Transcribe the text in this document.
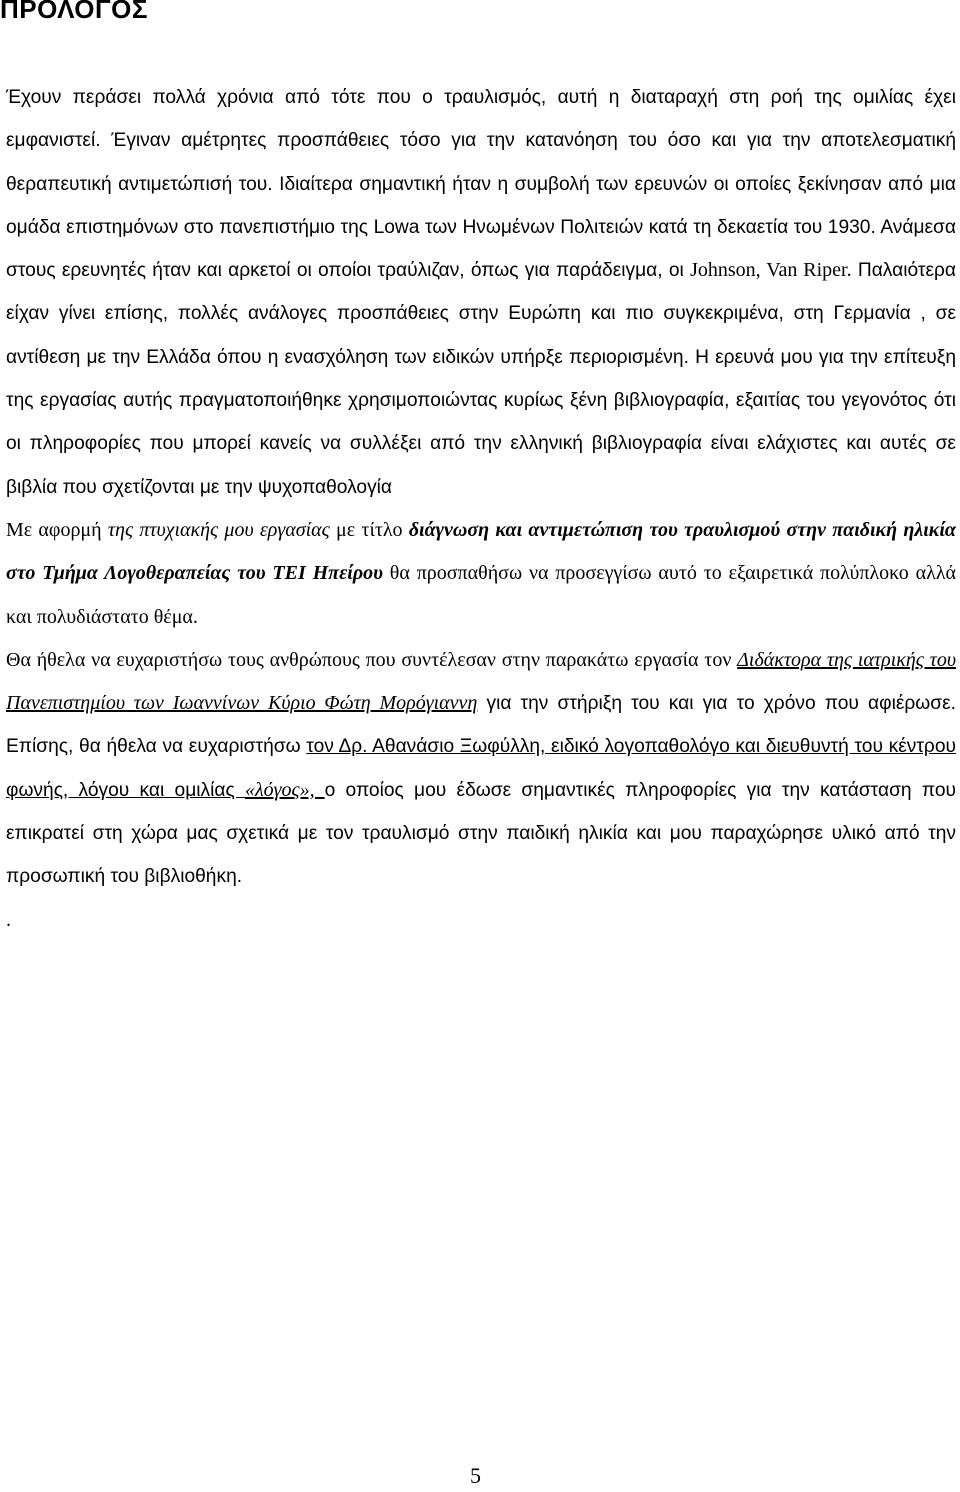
ΠΡΟΛΟΓΟΣ

Έχουν περάσει πολλά χρόνια από τότε που ο τραυλισμός, αυτή η διαταραχή στη ροή της ομιλίας έχει εμφανιστεί. Έγιναν αμέτρητες προσπάθειες τόσο για την κατανόηση του όσο και για την αποτελεσματική θεραπευτική αντιμετώπισή του. Ιδιαίτερα σημαντική ήταν η συμβολή των ερευνών οι οποίες ξεκίνησαν από μια ομάδα επιστημόνων στο πανεπιστήμιο της Lowa των Ηνωμένων Πολιτειών κατά τη δεκαετία του 1930. Ανάμεσα στους ερευνητές ήταν και αρκετοί οι οποίοι τραύλιζαν, όπως για παράδειγμα, οι Johnson, Van Riper. Παλαιότερα είχαν γίνει επίσης, πολλές ανάλογες προσπάθειες στην Ευρώπη και πιο συγκεκριμένα, στη Γερμανία , σε αντίθεση με την Ελλάδα όπου η ενασχόληση των ειδικών υπήρξε περιορισμένη. Η ερευνά μου για την επίτευξη της εργασίας αυτής πραγματοποιήθηκε χρησιμοποιώντας κυρίως ξένη βιβλιογραφία, εξαιτίας του γεγονότος ότι οι πληροφορίες που μπορεί κανείς να συλλέξει από την ελληνική βιβλιογραφία είναι ελάχιστες και αυτές σε βιβλία που σχετίζονται με την ψυχοπαθολογία

Με αφορμή της πτυχιακής μου εργασίας με τίτλο διάγνωση και αντιμετώπιση του τραυλισμού στην παιδική ηλικία στο Τμήμα Λογοθεραπείας του ΤΕΙ Ηπείρου θα προσπαθήσω να προσεγγίσω αυτό το εξαιρετικά πολύπλοκο αλλά και πολυδιάστατο θέμα.

Θα ήθελα να ευχαριστήσω τους ανθρώπους που συντέλεσαν στην παρακάτω εργασία τον Διδάκτορα της ιατρικής του Πανεπιστημίου των Ιωαννίνων Κύριο Φώτη Μορόγιαννη για την στήριξη του και για το χρόνο που αφιέρωσε. Επίσης, θα ήθελα να ευχαριστήσω τον Δρ. Αθανάσιο Ξωφύλλη, ειδικό λογοπαθολόγο και διευθυντή του κέντρου φωνής, λόγου και ομιλίας «λόγος», ο οποίος μου έδωσε σημαντικές πληροφορίες για την κατάσταση που επικρατεί στη χώρα μας σχετικά με τον τραυλισμό στην παιδική ηλικία και μου παραχώρησε υλικό από την προσωπική του βιβλιοθήκη.

.

5
